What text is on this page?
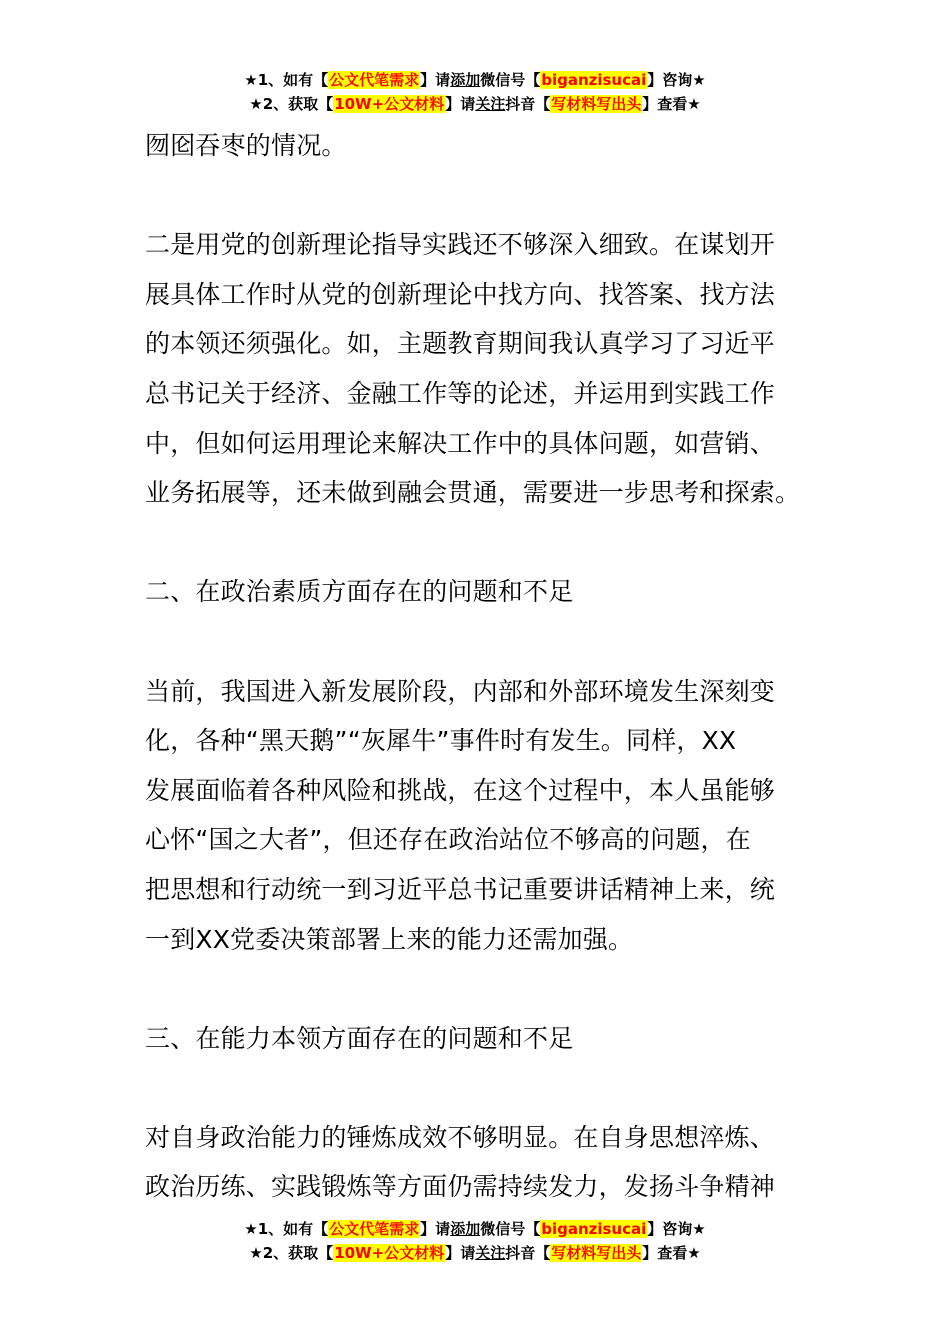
★1、如有【公文代笔需求】请添加微信号【biganzisucai】咨询★
★2、获取【10W+公文材料】请关注抖音【写材料写出头】查看★
囫囵吞枣的情况。
二是用党的创新理论指导实践还不够深入细致。在谋划开
展具体工作时从党的创新理论中找方向、找答案、找方法
的本领还须强化。如，主题教育期间我认真学习了习近平
总书记关于经济、金融工作等的论述，并运用到实践工作
中，但如何运用理论来解决工作中的具体问题，如营销、
业务拓展等，还未做到融会贯通，需要进一步思考和探索。
二、在政治素质方面存在的问题和不足
当前，我国进入新发展阶段，内部和外部环境发生深刻变
化，各种“黑天鹅”“灰犀牛”事件时有发生。同样，XX
发展面临着各种风险和挑战，在这个过程中，本人虽能够
心怀“国之大者”，但还存在政治站位不够高的问题，在
把思想和行动统一到习近平总书记重要讲话精神上来，统
一到XX党委决策部署上来的能力还需加强。
三、在能力本领方面存在的问题和不足
对自身政治能力的锤炼成效不够明显。在自身思想淬炼、
政治历练、实践锻炼等方面仍需持续发力，发扬斗争精神
★1、如有【公文代笔需求】请添加微信号【biganzisucai】咨询★
★2、获取【10W+公文材料】请关注抖音【写材料写出头】查看★
